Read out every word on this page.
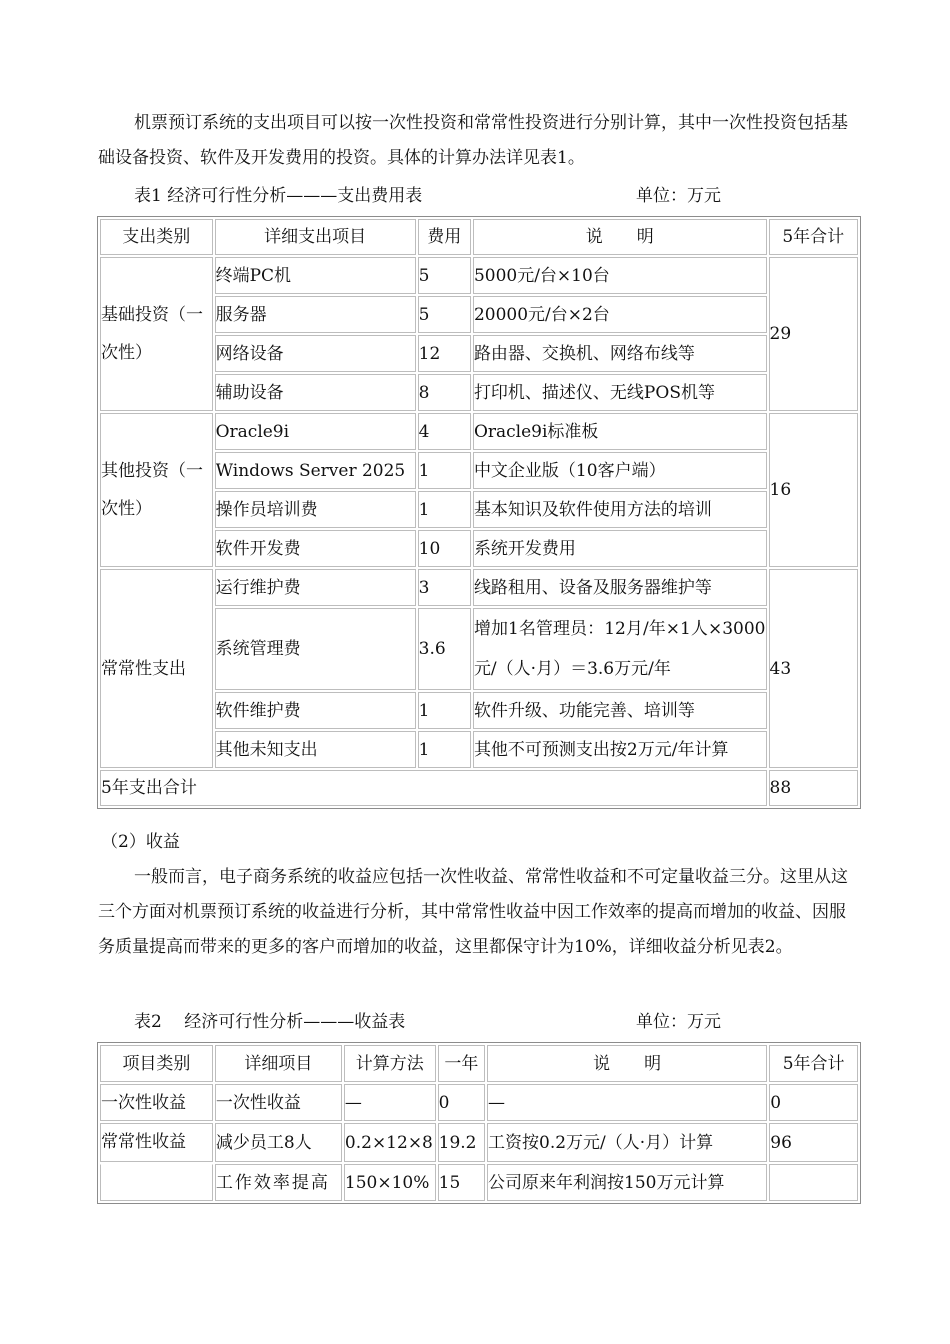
机票预订系统的支出项目可以按一次性投资和常常性投资进行分别计算，其中一次性投资包括基础设备投资、软件及开发费用的投资。具体的计算办法详见表1。

表1 经济可行性分析———支出费用表	单位：万元
支出类别	详细支出项目	费用	说　　明	5年合计
基础投资（一次性）	终端PC机	5	5000元/台×10台	29
	服务器	5	20000元/台×2台	
	网络设备	12	路由器、交换机、网络布线等	
	辅助设备	8	打印机、描述仪、无线POS机等	
其他投资（一次性）	Oracle9i	4	Oracle9i标准板	16
	Windows Server 2025	1	中文企业版（10客户端）	
	操作员培训费	1	基本知识及软件使用方法的培训	
	软件开发费	10	系统开发费用	
常常性支出	运行维护费	3	线路租用、设备及服务器维护等	43
	系统管理费	3.6	增加1名管理员：12月/年×1人×3000元/（人·月）＝3.6万元/年	
	软件维护费	1	软件升级、功能完善、培训等	
	其他未知支出	1	其他不可预测支出按2万元/年计算	
5年支出合计				88
（2）收益

一般而言，电子商务系统的收益应包括一次性收益、常常性收益和不可定量收益三分。这里从这三个方面对机票预订系统的收益进行分析，其中常常性收益中因工作效率的提高而增加的收益、因服务质量提高而带来的更多的客户而增加的收益，这里都保守计为10%，详细收益分析见表2。

表2　 经济可行性分析———收益表	单位：万元
项目类别	详细项目	计算方法	一年	说　　明	5年合计
一次性收益	一次性收益	—	0	—	0
常常性收益	减少员工8人	0.2×12×8	19.2	工资按0.2万元/（人·月）计算	96
	工作效率提高	150×10%	15	公司原来年利润按150万元计算	
